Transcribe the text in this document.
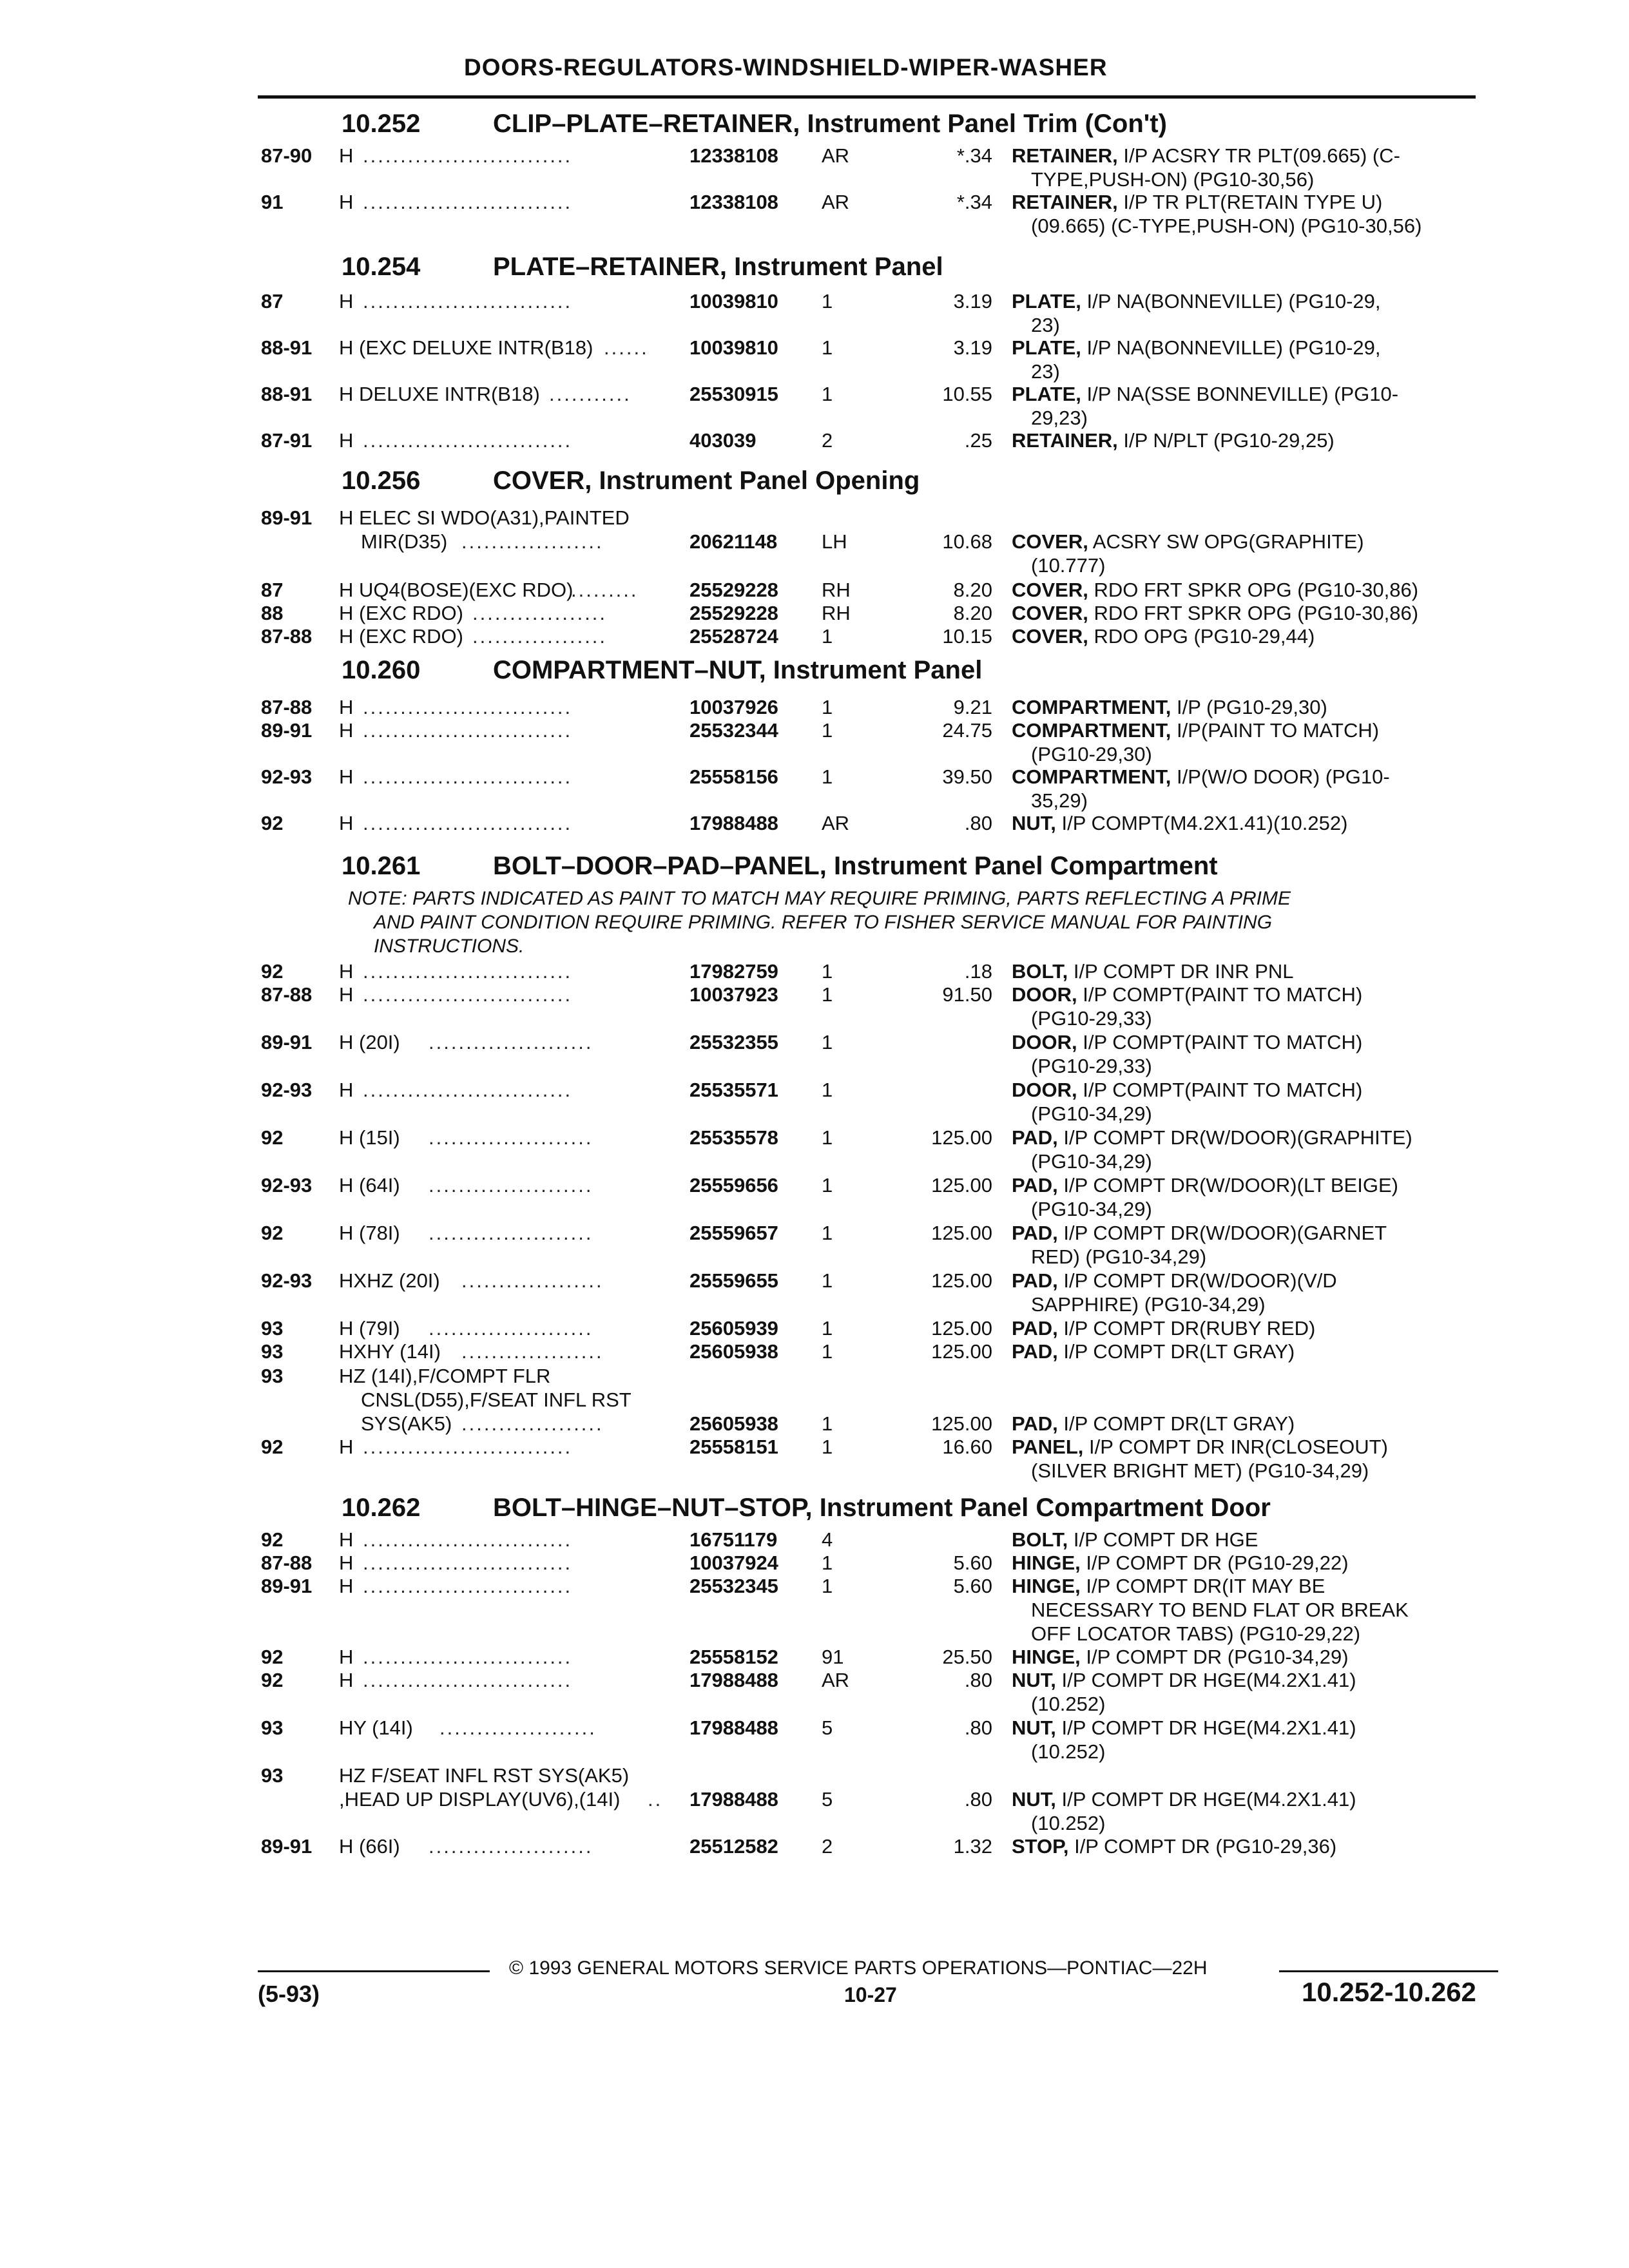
DOORS-REGULATORS-WINDSHIELD-WIPER-WASHER
10.252	CLIP–PLATE–RETAINER, Instrument Panel Trim (Con't)
87-90 H ............................	12338108 AR	*.34 RETAINER, I/P ACSRY TR PLT(09.665) (C-
TYPE,PUSH-ON) (PG10-30,56)
91	H ............................	12338108 AR	*.34 RETAINER, I/P TR PLT(RETAIN TYPE U)
(09.665) (C-TYPE,PUSH-ON) (PG10-30,56)
10.254	PLATE–RETAINER, Instrument Panel
87	H ............................	10039810 1	3.19 PLATE, I/P NA(BONNEVILLE) (PG10-29,
23)
88-91 H (EXC DELUXE INTR(B18) ...... 10039810 1	3.19 PLATE, I/P NA(BONNEVILLE) (PG10-29,
23)
88-91 H DELUXE INTR(B18) ...........	25530915 1	10.55 PLATE, I/P NA(SSE BONNEVILLE) (PG10-
29,23)
87-91 H ............................	403039	2	.25 RETAINER, I/P N/PLT (PG10-29,25)
10.256	COVER, Instrument Panel Opening
89-91 H ELEC SI WDO(A31),PAINTED
MIR(D35) ...................	20621148 LH	10.68 COVER, ACSRY SW OPG(GRAPHITE)
(10.777)
87	H UQ4(BOSE)(EXC RDO)
.........	25529228 RH	8.20 COVER, RDO FRT SPKR OPG (PG10-30,86)
88	H (EXC RDO) ..................	25529228 RH	8.20 COVER, RDO FRT SPKR OPG (PG10-30,86)
87-88 H (EXC RDO) ..................	25528724 1	10.15 COVER, RDO OPG (PG10-29,44)
10.260	COMPARTMENT–NUT, Instrument Panel
87-88 H ............................	10037926 1	9.21 COMPARTMENT, I/P (PG10-29,30)
89-91 H ............................	25532344 1	24.75 COMPARTMENT, I/P(PAINT TO MATCH)
(PG10-29,30)
92-93 H ............................	25558156 1	39.50 COMPARTMENT, I/P(W/O DOOR) (PG10-
35,29)
92	H ............................	17988488 AR	.80 NUT, I/P COMPT(M4.2X1.41)(10.252)
10.261	BOLT–DOOR–PAD–PANEL, Instrument Panel Compartment
NOTE: PARTS INDICATED AS PAINT TO MATCH MAY REQUIRE PRIMING, PARTS REFLECTING A PRIME
AND PAINT CONDITION REQUIRE PRIMING. REFER TO FISHER SERVICE MANUAL FOR PAINTING
INSTRUCTIONS.
92	H ............................	17982759 1	.18 BOLT, I/P COMPT DR INR PNL
87-88 H ............................	10037923 1	91.50 DOOR, I/P COMPT(PAINT TO MATCH)
(PG10-29,33)
89-91 H (20I) ......................	25532355 1	DOOR, I/P COMPT(PAINT TO MATCH)
(PG10-29,33)
92-93 H ............................	25535571 1	DOOR, I/P COMPT(PAINT TO MATCH)
(PG10-34,29)
92	H (15I) ......................	25535578 1	125.00 PAD, I/P COMPT DR(W/DOOR)(GRAPHITE)
(PG10-34,29)
92-93 H (64I) ......................	25559656 1	125.00 PAD, I/P COMPT DR(W/DOOR)(LT BEIGE)
(PG10-34,29)
92	H (78I) ......................	25559657 1	125.00 PAD, I/P COMPT DR(W/DOOR)(GARNET
RED) (PG10-34,29)
92-93 HXHZ (20I) ...................	25559655 1	125.00 PAD, I/P COMPT DR(W/DOOR)(V/D
SAPPHIRE) (PG10-34,29)
93	H (79I) ......................	25605939 1	125.00 PAD, I/P COMPT DR(RUBY RED)
93	HXHY (14I) ...................	25605938 1	125.00 PAD, I/P COMPT DR(LT GRAY)
93	HZ (14I),F/COMPT FLR
CNSL(D55),F/SEAT INFL RST
SYS(AK5) ...................	25605938 1	125.00 PAD, I/P COMPT DR(LT GRAY)
92	H ............................	25558151 1	16.60 PANEL, I/P COMPT DR INR(CLOSEOUT)
(SILVER BRIGHT MET) (PG10-34,29)
10.262	BOLT–HINGE–NUT–STOP, Instrument Panel Compartment Door
92	H ............................	16751179 4	BOLT, I/P COMPT DR HGE
87-88 H ............................	10037924 1	5.60 HINGE, I/P COMPT DR (PG10-29,22)
89-91 H ............................	25532345 1	5.60 HINGE, I/P COMPT DR(IT MAY BE
NECESSARY TO BEND FLAT OR BREAK
OFF LOCATOR TABS) (PG10-29,22)
92	H ............................	25558152 91	25.50 HINGE, I/P COMPT DR (PG10-34,29)
92	H ............................	17988488 AR	.80 NUT, I/P COMPT DR HGE(M4.2X1.41)
(10.252)
93	HY (14I) .....................	17988488 5	.80 NUT, I/P COMPT DR HGE(M4.2X1.41)
(10.252)
93	HZ F/SEAT INFL RST SYS(AK5)
,HEAD UP DISPLAY(UV6),(14I) .. 17988488 5	.80 NUT, I/P COMPT DR HGE(M4.2X1.41)
(10.252)
89-91 H (66I) ......................	25512582 2	1.32 STOP, I/P COMPT DR (PG10-29,36)
© 1993 GENERAL MOTORS SERVICE PARTS OPERATIONS—PONTIAC—22H
(5-93)	10-27	10.252-10.262
